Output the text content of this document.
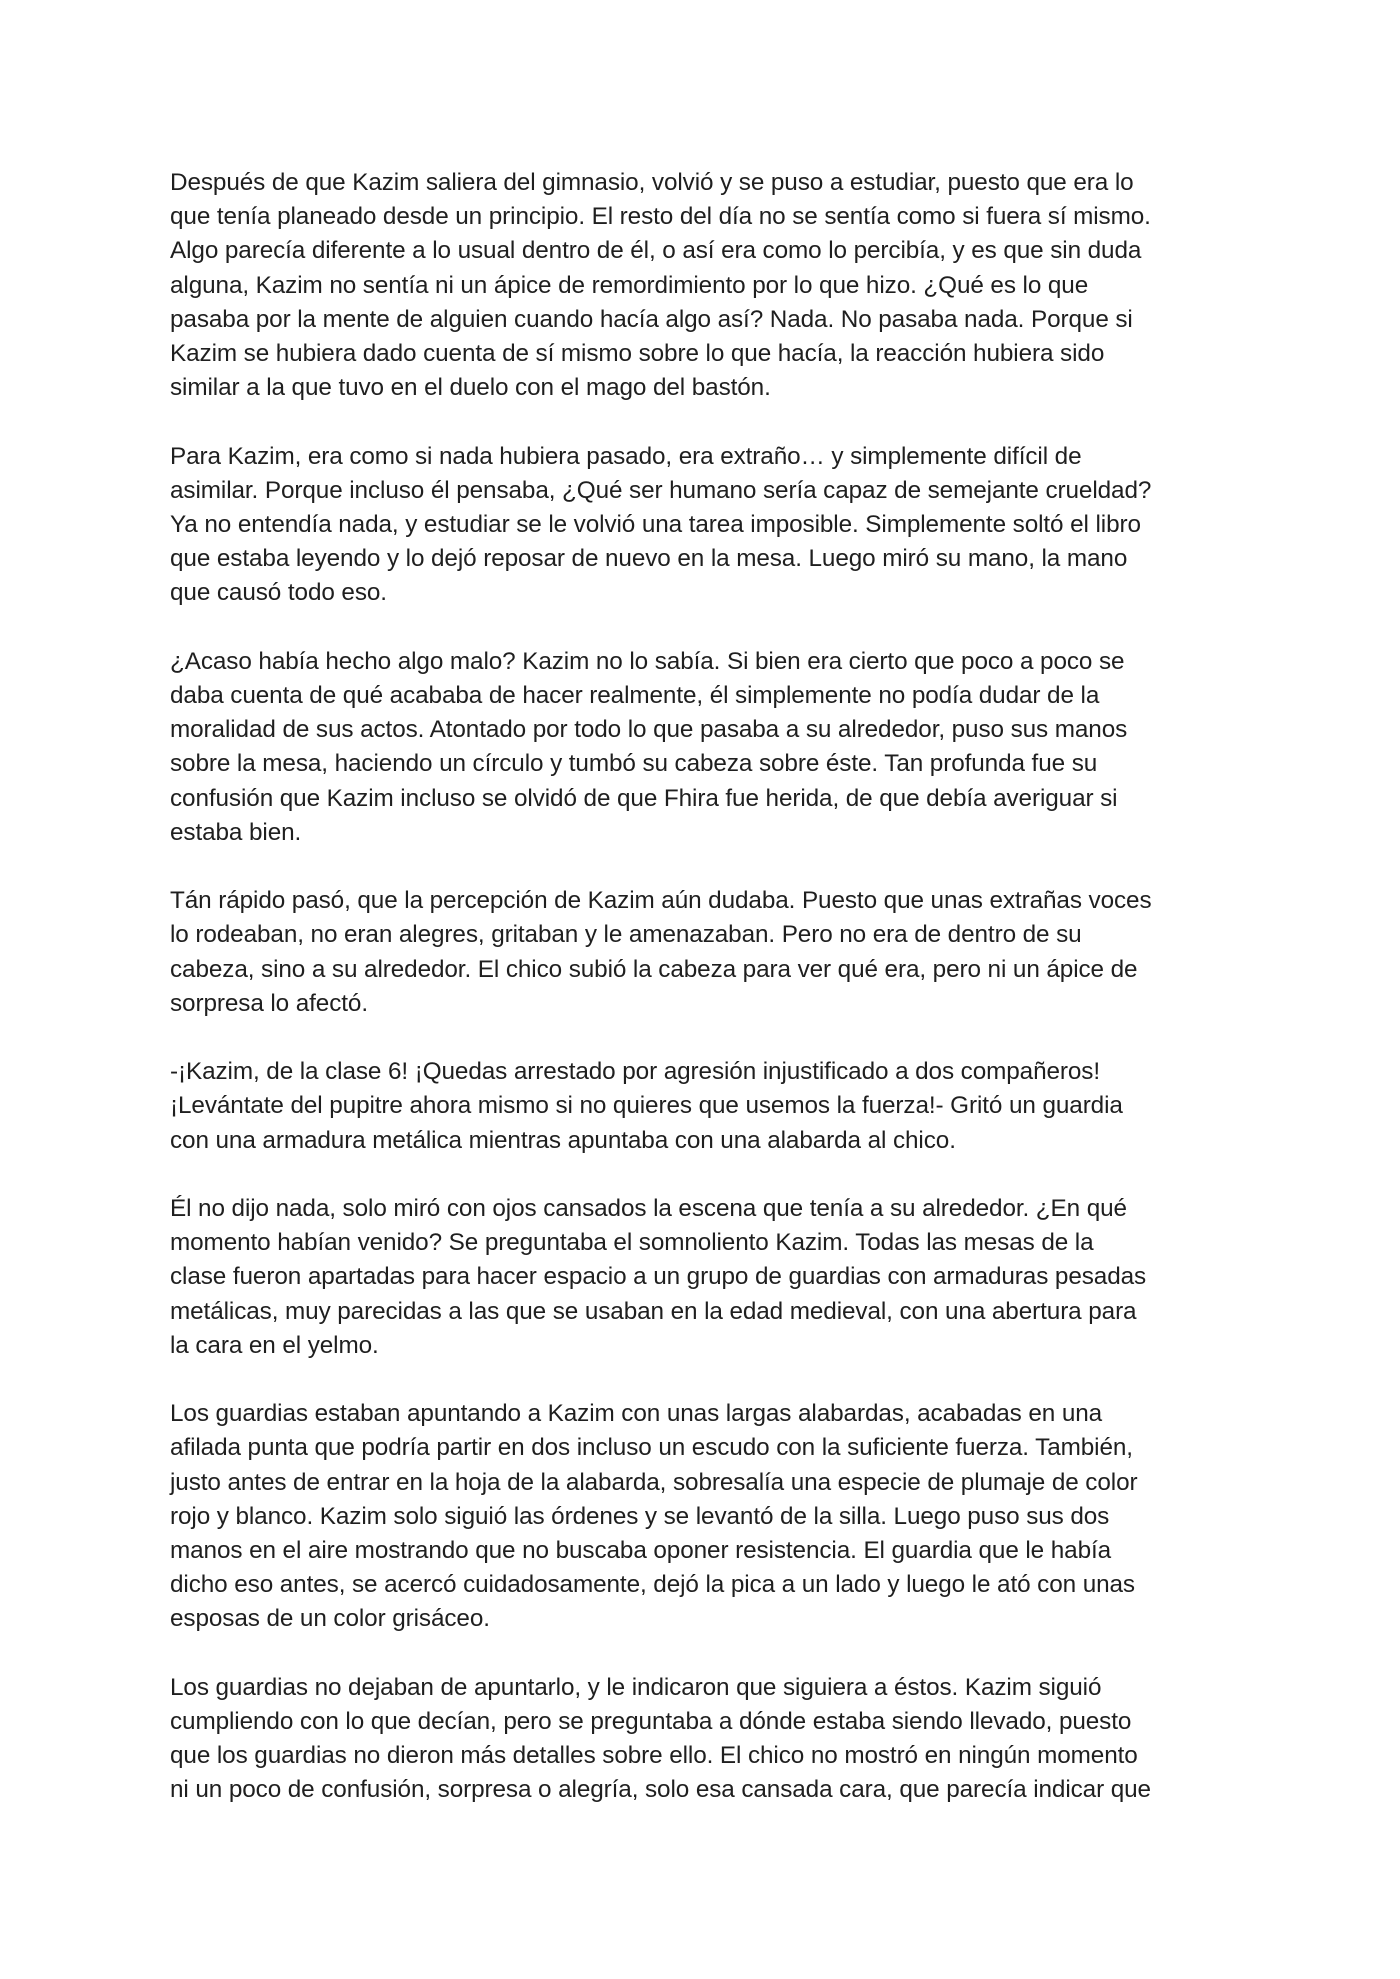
Después de que Kazim saliera del gimnasio, volvió y se puso a estudiar, puesto que era lo
que tenía planeado desde un principio. El resto del día no se sentía como si fuera sí mismo.
Algo parecía diferente a lo usual dentro de él, o así era como lo percibía, y es que sin duda
alguna, Kazim no sentía ni un ápice de remordimiento por lo que hizo. ¿Qué es lo que
pasaba por la mente de alguien cuando hacía algo así? Nada. No pasaba nada. Porque si
Kazim se hubiera dado cuenta de sí mismo sobre lo que hacía, la reacción hubiera sido
similar a la que tuvo en el duelo con el mago del bastón.

Para Kazim, era como si nada hubiera pasado, era extraño… y simplemente difícil de
asimilar. Porque incluso él pensaba, ¿Qué ser humano sería capaz de semejante crueldad?
Ya no entendía nada, y estudiar se le volvió una tarea imposible. Simplemente soltó el libro
que estaba leyendo y lo dejó reposar de nuevo en la mesa. Luego miró su mano, la mano
que causó todo eso.

¿Acaso había hecho algo malo? Kazim no lo sabía. Si bien era cierto que poco a poco se
daba cuenta de qué acababa de hacer realmente, él simplemente no podía dudar de la
moralidad de sus actos. Atontado por todo lo que pasaba a su alrededor, puso sus manos
sobre la mesa, haciendo un círculo y tumbó su cabeza sobre éste. Tan profunda fue su
confusión que Kazim incluso se olvidó de que Fhira fue herida, de que debía averiguar si
estaba bien.

Tán rápido pasó, que la percepción de Kazim aún dudaba. Puesto que unas extrañas voces
lo rodeaban, no eran alegres, gritaban y le amenazaban. Pero no era de dentro de su
cabeza, sino a su alrededor. El chico subió la cabeza para ver qué era, pero ni un ápice de
sorpresa lo afectó.

-¡Kazim, de la clase 6! ¡Quedas arrestado por agresión injustificado a dos compañeros!
¡Levántate del pupitre ahora mismo si no quieres que usemos la fuerza!- Gritó un guardia
con una armadura metálica mientras apuntaba con una alabarda al chico.

Él no dijo nada, solo miró con ojos cansados la escena que tenía a su alrededor. ¿En qué
momento habían venido? Se preguntaba el somnoliento Kazim. Todas las mesas de la
clase fueron apartadas para hacer espacio a un grupo de guardias con armaduras pesadas
metálicas, muy parecidas a las que se usaban en la edad medieval, con una abertura para
la cara en el yelmo.

Los guardias estaban apuntando a Kazim con unas largas alabardas, acabadas en una
afilada punta que podría partir en dos incluso un escudo con la suficiente fuerza. También,
justo antes de entrar en la hoja de la alabarda, sobresalía una especie de plumaje de color
rojo y blanco. Kazim solo siguió las órdenes y se levantó de la silla. Luego puso sus dos
manos en el aire mostrando que no buscaba oponer resistencia. El guardia que le había
dicho eso antes, se acercó cuidadosamente, dejó la pica a un lado y luego le ató con unas
esposas de un color grisáceo.

Los guardias no dejaban de apuntarlo, y le indicaron que siguiera a éstos. Kazim siguió
cumpliendo con lo que decían, pero se preguntaba a dónde estaba siendo llevado, puesto
que los guardias no dieron más detalles sobre ello. El chico no mostró en ningún momento
ni un poco de confusión, sorpresa o alegría, solo esa cansada cara, que parecía indicar que
